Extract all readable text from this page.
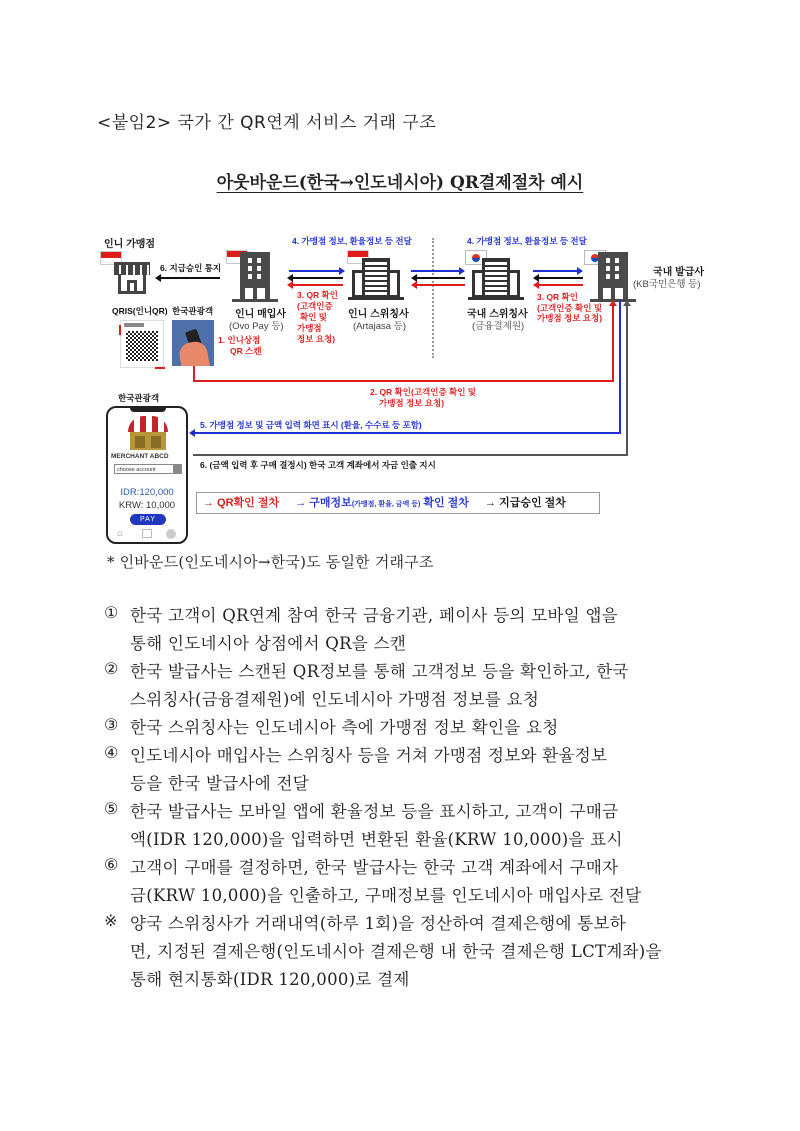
<붙임2> 국가 간 QR연계 서비스 거래 구조
아웃바운드(한국→인도네시아) QR결제절차 예시
인니 가맹점
6. 지급승인 통지
인니 매입사
(Ovo Pay 등)
3. QR 확인
(고객인증
확인 및
가맹점
정보 요청)
4. 가맹점 정보, 환율정보 등 전달
인니 스위칭사
(Artajasa 등)
4. 가맹점 정보, 환율정보 등 전달
국내 스위칭사
(금융결제원)
3. QR 확인
(고객인증 확인 및
가맹점 정보 요청)
국내 발급사
(KB국민은행 등)
QRIS(인니QR) 한국관광객
1. 인니상점
QR 스캔
2. QR 확인(고객인증 확인 및
가맹점 정보 요청)
5. 가맹점 정보 및 금액 입력 화면 표시 (환율, 수수료 등 포함)
6. (금액 입력 후 구매 결정시) 한국 고객 계좌에서 자금 인출 지시
한국관광객
MERCHANT ABCD
choose account
IDR:120,000
KRW: 10,000
PAY
⌂
→ QR확인 절차 → 구매정보(가맹점, 환율, 금액 등) 확인 절차 → 지급승인 절차
* 인바운드(인도네시아→한국)도 동일한 거래구조
① 한국 고객이 QR연계 참여 한국 금융기관, 페이사 등의 모바일 앱을
통해 인도네시아 상점에서 QR을 스캔
② 한국 발급사는 스캔된 QR정보를 통해 고객정보 등을 확인하고, 한국
스위칭사(금융결제원)에 인도네시아 가맹점 정보를 요청
③ 한국 스위칭사는 인도네시아 측에 가맹점 정보 확인을 요청
④ 인도네시아 매입사는 스위칭사 등을 거쳐 가맹점 정보와 환율정보
등을 한국 발급사에 전달
⑤ 한국 발급사는 모바일 앱에 환율정보 등을 표시하고, 고객이 구매금
액(IDR 120,000)을 입력하면 변환된 환율(KRW 10,000)을 표시
⑥ 고객이 구매를 결정하면, 한국 발급사는 한국 고객 계좌에서 구매자
금(KRW 10,000)을 인출하고, 구매정보를 인도네시아 매입사로 전달
※ 양국 스위칭사가 거래내역(하루 1회)을 정산하여 결제은행에 통보하
면, 지정된 결제은행(인도네시아 결제은행 내 한국 결제은행 LCT계좌)을
통해 현지통화(IDR 120,000)로 결제
